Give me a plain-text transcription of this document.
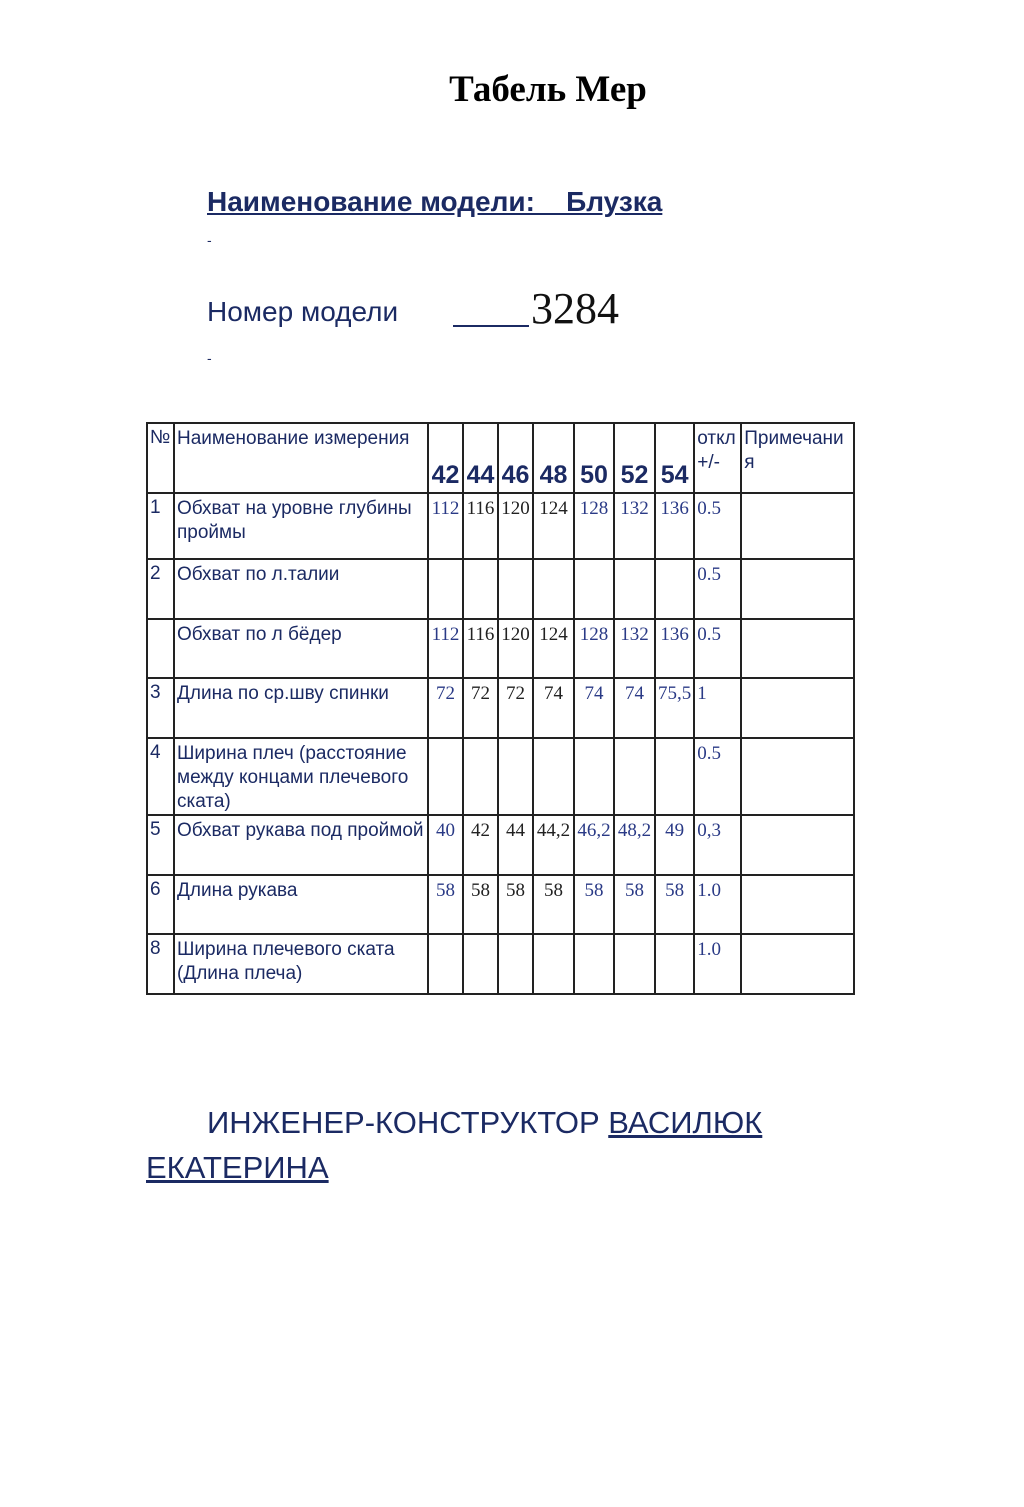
Табель Мер
Наименование модели:  _Блузка
-
Номер модели	3284
-
№	Наименование измерения	42	44	46	48	50	52	54	откл +/-	Примечания
1	Обхват на уровне глубины проймы	112	116	120	124	128	132	136	0.5	
2	Обхват по л.талии								0.5	
	Обхват по л бёдер	112	116	120	124	128	132	136	0.5	
3	Длина по ср.шву спинки	72	72	72	74	74	74	75,5	1	
4	Ширина плеч (расстояние между концами плечевого ската)								0.5	
5	Обхват рукава под проймой	40	42	44	44,2	46,2	48,2	49	0,3	
6	Длина рукава	58	58	58	58	58	58	58	1.0	
8	Ширина плечевого ската (Длина плеча)								1.0	
ИНЖЕНЕР-КОНСТРУКТОР ВАСИЛЮК ЕКАТЕРИНА
